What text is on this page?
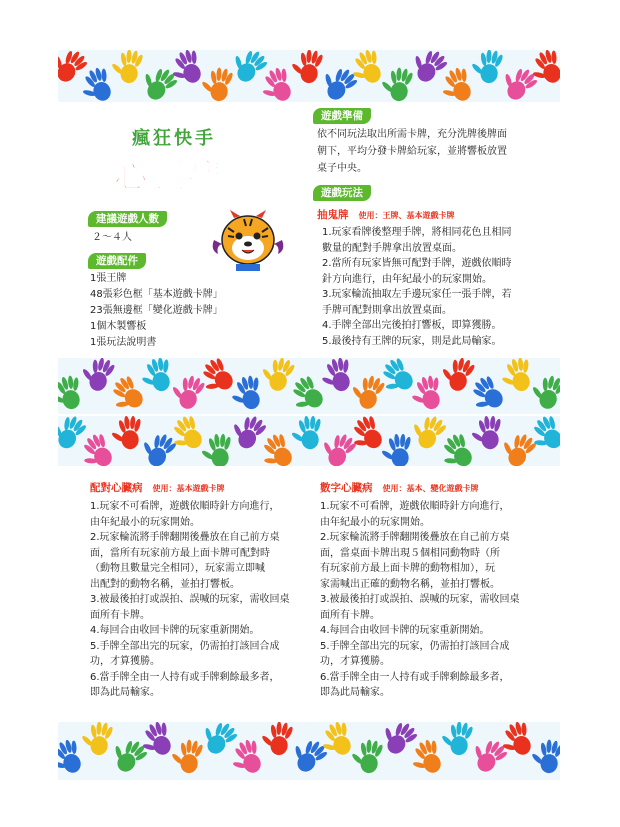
瘋狂快手
心臟病
建議遊戲人數
２～４人
遊戲配件
1張王牌
48張彩色框「基本遊戲卡牌」
23張無邊框「變化遊戲卡牌」
1個木製響板
1張玩法說明書
遊戲準備
依不同玩法取出所需卡牌，充分洗牌後牌面
朝下，平均分發卡牌給玩家，並將響板放置
桌子中央。
遊戲玩法
抽鬼牌 使用：王牌、基本遊戲卡牌
1.玩家看牌後整理手牌，將相同花色且相同
數量的配對手牌拿出放置桌面。
2.當所有玩家皆無可配對手牌，遊戲依順時
針方向進行，由年紀最小的玩家開始。
3.玩家輪流抽取左手邊玩家任一張手牌，若
手牌可配對則拿出放置桌面。
4.手牌全部出完後拍打響板，即算獲勝。
5.最後持有王牌的玩家，則是此局輸家。
配對心臟病 使用：基本遊戲卡牌
1.玩家不可看牌，遊戲依順時針方向進行，
由年紀最小的玩家開始。
2.玩家輪流將手牌翻開後疊放在自己前方桌
面，當所有玩家前方最上面卡牌可配對時
（動物且數量完全相同），玩家需立即喊
出配對的動物名稱，並拍打響板。
3.被最後拍打或誤拍、誤喊的玩家，需收回桌
面所有卡牌。
4.每回合由收回卡牌的玩家重新開始。
5.手牌全部出完的玩家，仍需拍打該回合成
功，才算獲勝。
6.當手牌全由一人持有或手牌剩餘最多者，
即為此局輸家。
數字心臟病 使用：基本、變化遊戲卡牌
1.玩家不可看牌，遊戲依順時針方向進行，
由年紀最小的玩家開始。
2.玩家輪流將手牌翻開後疊放在自己前方桌
面，當桌面卡牌出現５個相同動物時（所
有玩家前方最上面卡牌的動物相加），玩
家需喊出正確的動物名稱，並拍打響板。
3.被最後拍打或誤拍、誤喊的玩家，需收回桌
面所有卡牌。
4.每回合由收回卡牌的玩家重新開始。
5.手牌全部出完的玩家，仍需拍打該回合成
功，才算獲勝。
6.當手牌全由一人持有或手牌剩餘最多者，
即為此局輸家。
